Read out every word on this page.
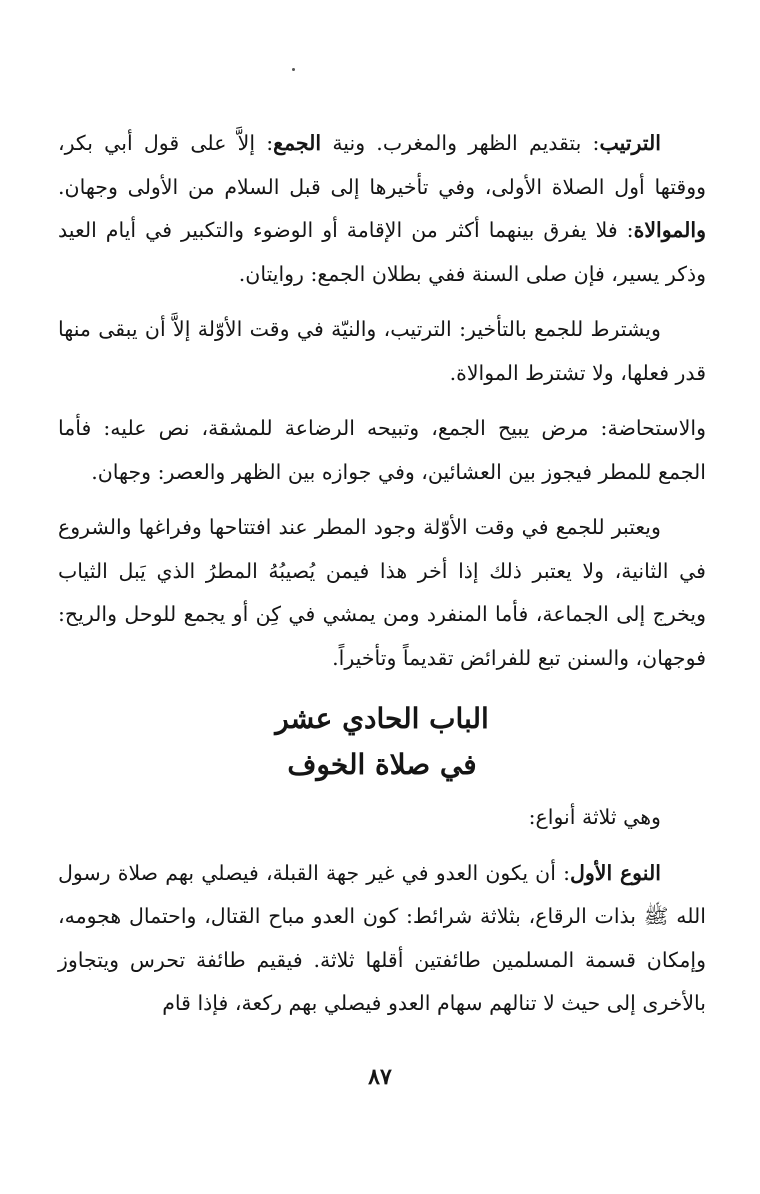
الترتيب: بتقديم الظهر والمغرب. ونية الجمع: إلاَّ على قول أبي بكر، ووقتها أول الصلاة الأولى، وفي تأخيرها إلى قبل السلام من الأولى وجهان. والموالاة: فلا يفرق بينهما أكثر من الإقامة أو الوضوء والتكبير في أيام العيد وذكر يسير، فإن صلى السنة ففي بطلان الجمع: روايتان.

ويشترط للجمع بالتأخير: الترتيب، والنيّة في وقت الأوّلة إلاَّ أن يبقى منها قدر فعلها، ولا تشترط الموالاة.

والاستحاضة: مرض يبيح الجمع، وتبيحه الرضاعة للمشقة، نص عليه: فأما الجمع للمطر فيجوز بين العشائين، وفي جوازه بين الظهر والعصر: وجهان.

ويعتبر للجمع في وقت الأوّلة وجود المطر عند افتتاحها وفراغها والشروع في الثانية، ولا يعتبر ذلك إذا أخر هذا فيمن يُصيبُهُ المطرُ الذي يَبل الثياب ويخرج إلى الجماعة، فأما المنفرد ومن يمشي في كِن أو يجمع للوحل والريح: فوجهان، والسنن تبع للفرائض تقديماً وتأخيراً.

الباب الحادي عشر
في صلاة الخوف

وهي ثلاثة أنواع:

النوع الأول: أن يكون العدو في غير جهة القبلة، فيصلي بهم صلاة رسول الله ﷺ بذات الرقاع، بثلاثة شرائط: كون العدو مباح القتال، واحتمال هجومه، وإمكان قسمة المسلمين طائفتين أقلها ثلاثة. فيقيم طائفة تحرس ويتجاوز بالأخرى إلى حيث لا تنالهم سهام العدو فيصلي بهم ركعة، فإذا قام

٨٧
